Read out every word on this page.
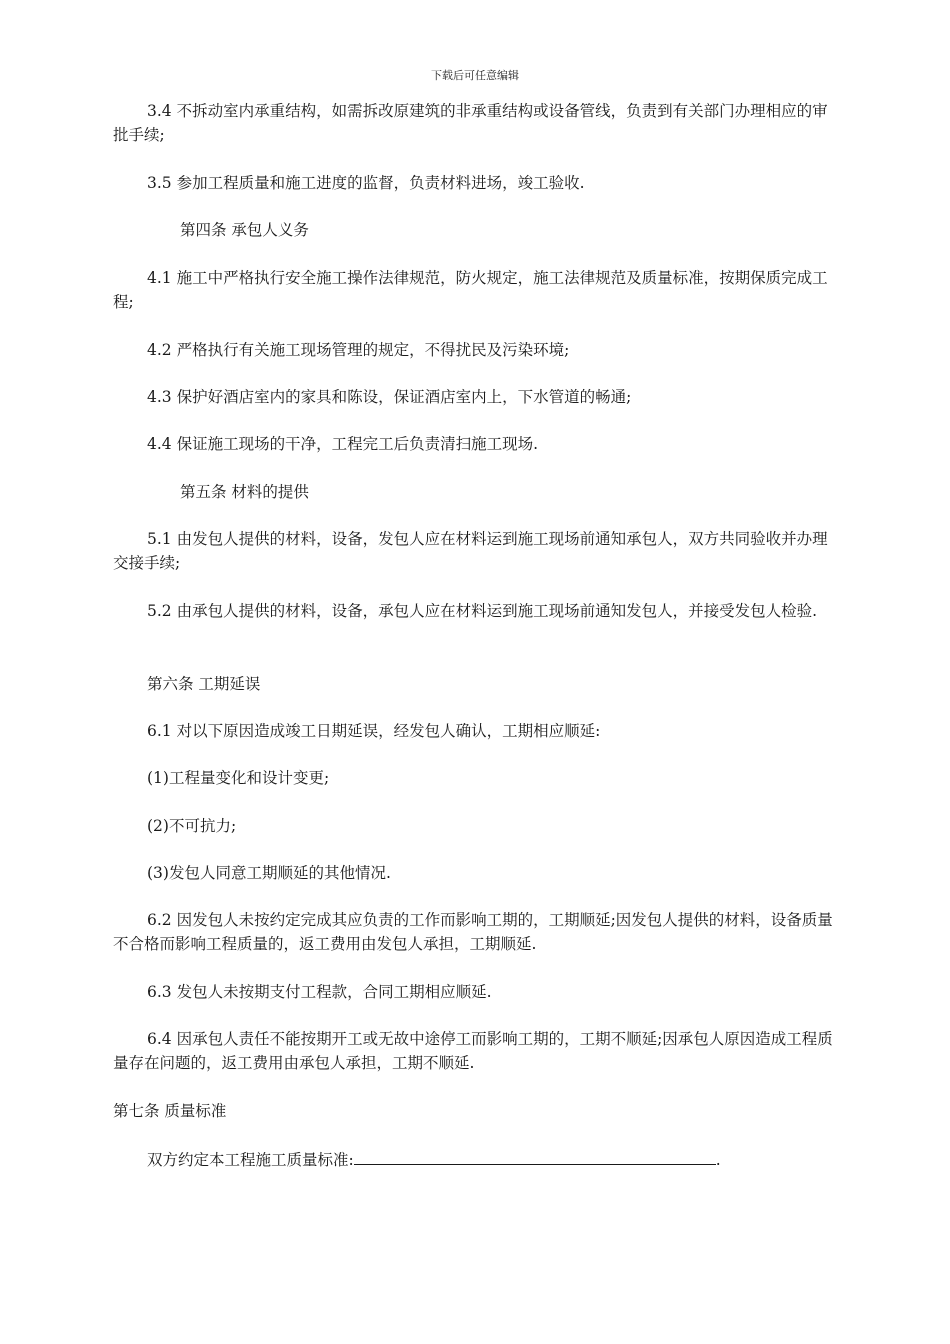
下载后可任意编辑

3.4 不拆动室内承重结构，如需拆改原建筑的非承重结构或设备管线，负责到有关部门办理相应的审批手续;

3.5 参加工程质量和施工进度的监督，负责材料进场，竣工验收.

第四条 承包人义务

4.1 施工中严格执行安全施工操作法律规范，防火规定，施工法律规范及质量标准，按期保质完成工程;

4.2 严格执行有关施工现场管理的规定，不得扰民及污染环境;

4.3 保护好酒店室内的家具和陈设，保证酒店室内上，下水管道的畅通;

4.4 保证施工现场的干净，工程完工后负责清扫施工现场.

第五条 材料的提供

5.1 由发包人提供的材料，设备，发包人应在材料运到施工现场前通知承包人，双方共同验收并办理交接手续;

5.2 由承包人提供的材料，设备，承包人应在材料运到施工现场前通知发包人，并接受发包人检验.

第六条 工期延误

6.1 对以下原因造成竣工日期延误，经发包人确认，工期相应顺延:

(1)工程量变化和设计变更;

(2)不可抗力;

(3)发包人同意工期顺延的其他情况.

6.2 因发包人未按约定完成其应负责的工作而影响工期的，工期顺延;因发包人提供的材料，设备质量不合格而影响工程质量的，返工费用由发包人承担，工期顺延.

6.3 发包人未按期支付工程款，合同工期相应顺延.

6.4 因承包人责任不能按期开工或无故中途停工而影响工期的，工期不顺延;因承包人原因造成工程质量存在问题的，返工费用由承包人承担，工期不顺延.

第七条 质量标准

双方约定本工程施工质量标准:	.
